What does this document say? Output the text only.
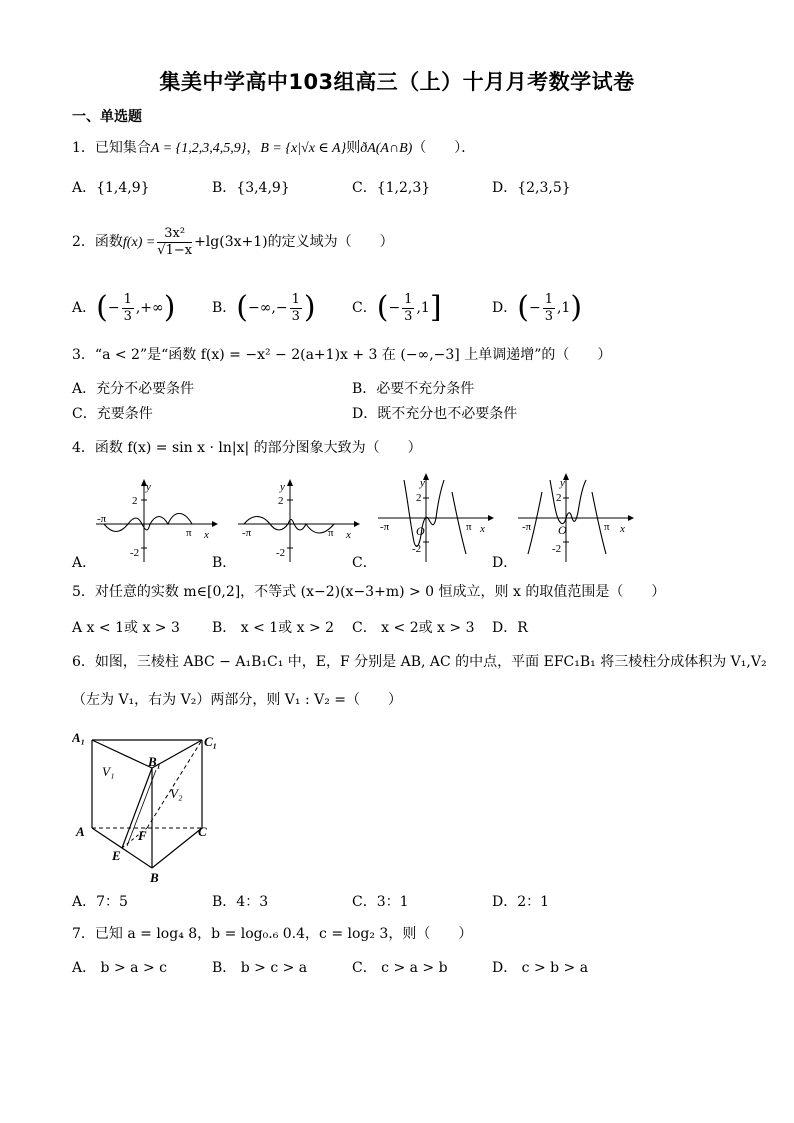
集美中学高中103组高三（上）十月月考数学试卷
一、单选题
1．已知集合A = {1,2,3,4,5,9}，B = {x|√x ∈ A}则ðA(A∩B)（　　）．
A．{1,4,9}	B．{3,4,9}	C．{1,2,3}	D．{2,3,5}
2．函数$f(x) = \frac{\text{3x²}}{√1-x} +\lg(3x+1)$的定义域为（　　）
A．(− $\frac{1}{3}$ ,+∞)	B．(−∞,− $\frac{1}{3}$ )	C．(− $\frac{1}{3} ,1$]	D．(− $\frac{1}{3} ,1$)
3．“a < 2”是“函数 f(x) = −x² − 2(a+1)x + 3 在 (−∞,−3] 上单调递增”的（　　）
A．充分不必要条件	B．必要不充分条件
C．充要条件	D．既不充分也不必要条件
4．函数 f(x) = sin x · ln|x| 的部分图象大致为（　　）
-π
π
y
x
2
-2
A．
-π	π
y
x
2
-2
B．
-π	π
y
x
2
O
-2
C．
-π	π
y
x
2
O
-2
D．
5．对任意的实数 m∈[0,2]，不等式 (x−2)(x−3+m) > 0 恒成立，则 x 的取值范围是（　　）
A x < 1或 x > 3 B． x < 1或 x > 2 C． x < 2或 x > 3 D．R
6．如图，三棱柱 ABC − A₁B₁C₁ 中，E，F 分别是 AB, AC 的中点，平面 EFC₁B₁ 将三棱柱分成体积为 V₁,V₂
（左为 V₁，右为 V₂）两部分，则 V₁ : V₂ =（　　）
A₁	C₁
B₁
V₁
V₂
A	C
F
E
B
A．7：5	B．4：3	C．3：1	D．2：1
7．已知 a = log₄ 8，b = log₀.₆ 0.4，c = log₂ 3，则（　　）
A． b > a > c	B． b > c > a	C． c > a > b	D． c > b > a
